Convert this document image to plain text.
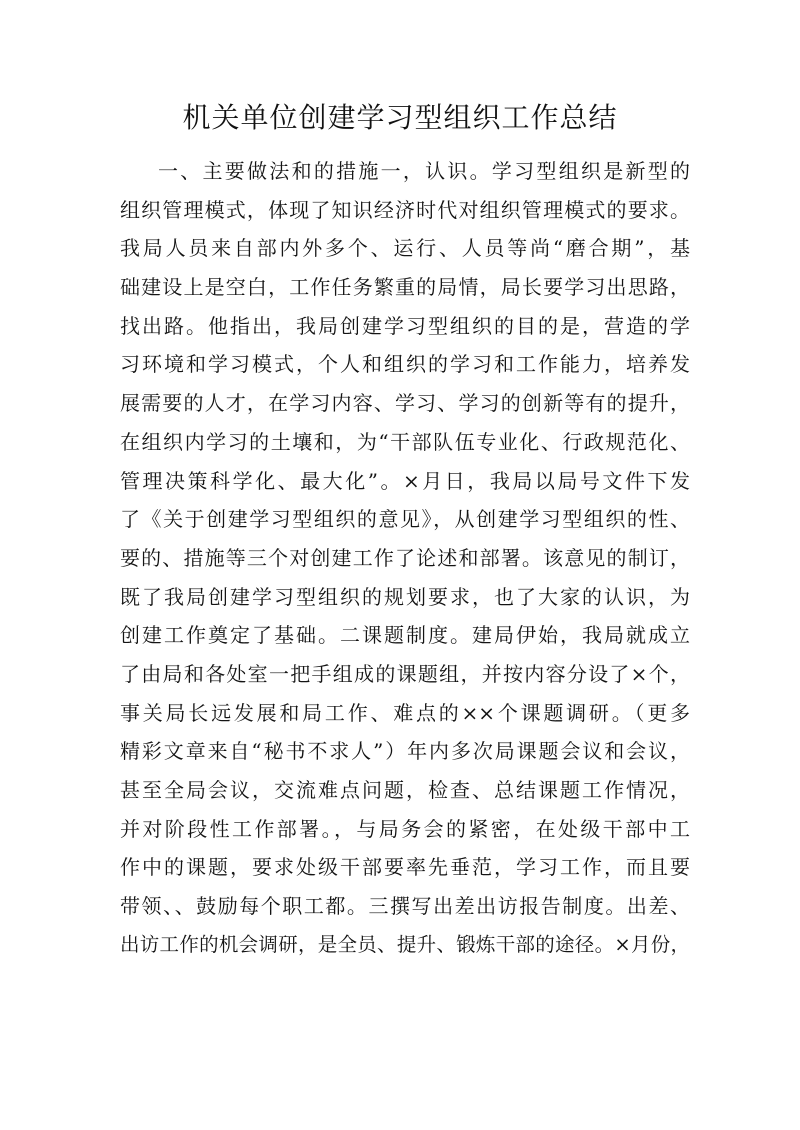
机关单位创建学习型组织工作总结
一、主要做法和的措施一，认识。学习型组织是新型的
组织管理模式，体现了知识经济时代对组织管理模式的要求。
我局人员来自部内外多个、运行、人员等尚“磨合期”，基
础建设上是空白，工作任务繁重的局情，局长要学习出思路，
找出路。他指出，我局创建学习型组织的目的是，营造的学
习环境和学习模式，个人和组织的学习和工作能力，培养发
展需要的人才，在学习内容、学习、学习的创新等有的提升，
在组织内学习的土壤和，为“干部队伍专业化、行政规范化、
管理决策科学化、最大化”。×月日，我局以局号文件下发
了《关于创建学习型组织的意见》，从创建学习型组织的性、
要的、措施等三个对创建工作了论述和部署。该意见的制订，
既了我局创建学习型组织的规划要求，也了大家的认识，为
创建工作奠定了基础。二课题制度。建局伊始，我局就成立
了由局和各处室一把手组成的课题组，并按内容分设了×个，
事关局长远发展和局工作、难点的××个课题调研。（更多
精彩文章来自“秘书不求人”）年内多次局课题会议和会议，
甚至全局会议，交流难点问题，检查、总结课题工作情况，
并对阶段性工作部署。，与局务会的紧密，在处级干部中工
作中的课题，要求处级干部要率先垂范，学习工作，而且要
带领、、鼓励每个职工都。三撰写出差出访报告制度。出差、
出访工作的机会调研，是全员、提升、锻炼干部的途径。×月份，
